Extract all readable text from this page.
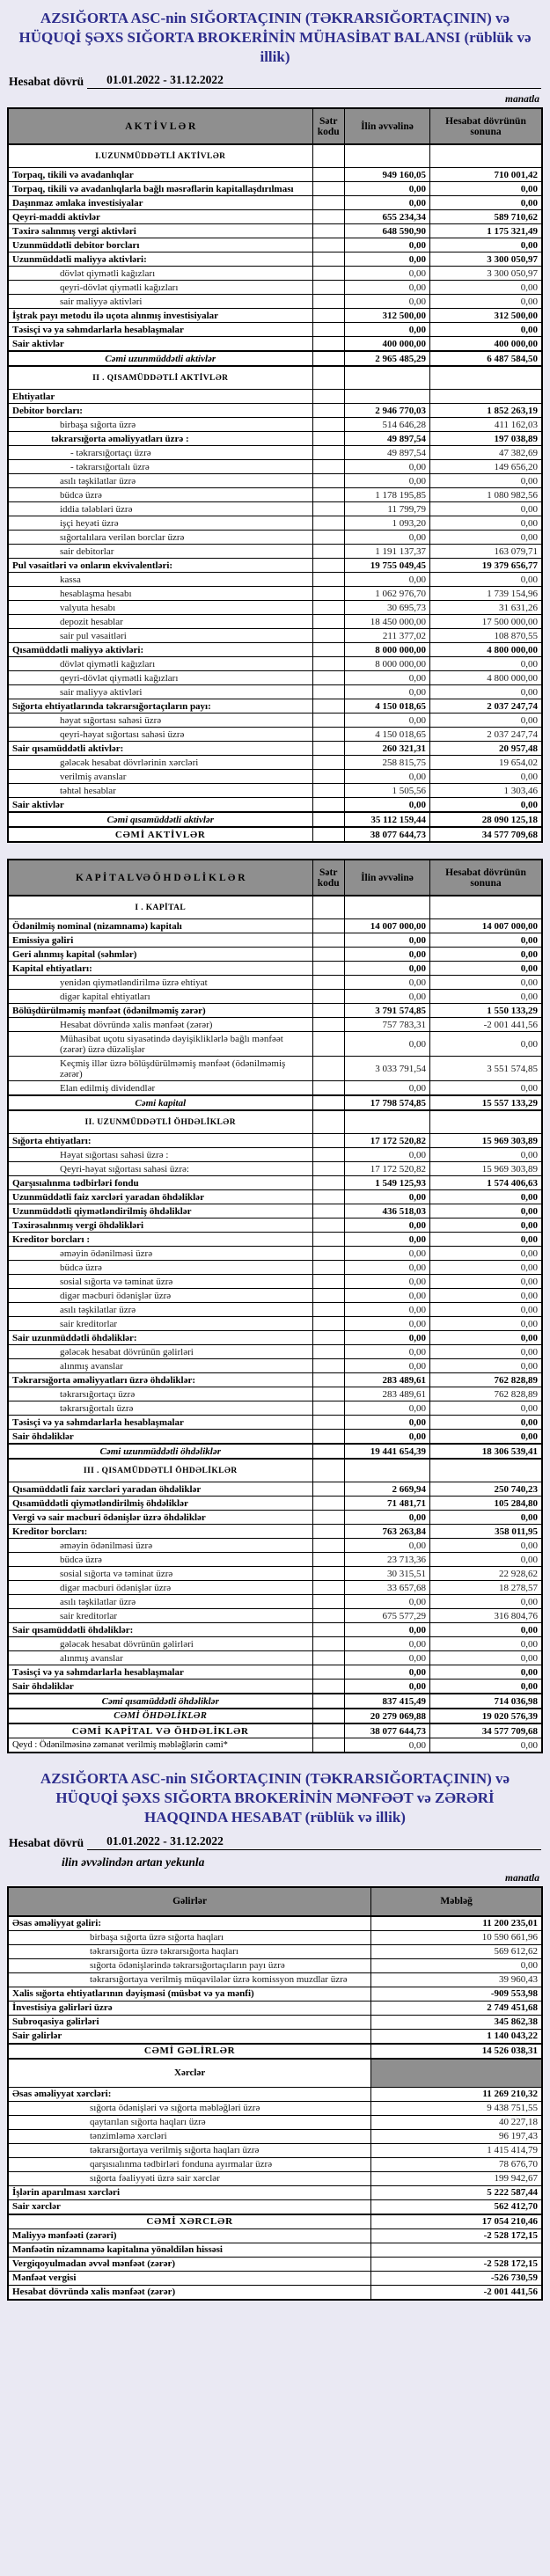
AZSIĞORTA ASC-nin SIĞORTAÇININ (TƏKRARSIĞORTAÇININ) və HÜQUQİ ŞƏXS SIĞORTA BROKERİNİN MÜHASİBAT BALANSI (rüblük və illik)
Hesabat dövrü 01.01.2022 - 31.12.2022
manatla
A K T İ V L Ə R	Sətr kodu	İlin əvvəlinə	Hesabat dövrünün sonuna
I.UZUNMÜDDƏTLİ AKTİVLƏR			
Torpaq, tikili və avadanlıqlar		949 160,05	710 001,42
Torpaq, tikili və avadanlıqlarla bağlı məsrəflərin kapitallaşdırılması		0,00	0,00
Daşınmaz əmlaka investisiyalar		0,00	0,00
Qeyri-maddi aktivlər		655 234,34	589 710,62
Təxirə salınmış vergi aktivləri		648 590,90	1 175 321,49
Uzunmüddətli debitor borcları		0,00	0,00
Uzunmüddətli maliyyə aktivləri:		0,00	3 300 050,97
dövlət qiymətli kağızları		0,00	3 300 050,97
qeyri-dövlət qiymətli kağızları		0,00	0,00
sair maliyyə aktivləri		0,00	0,00
İştrak payı metodu ilə uçota alınmış investisiyalar		312 500,00	312 500,00
Təsisçi və ya səhmdarlarla hesablaşmalar		0,00	0,00
Sair aktivlər		400 000,00	400 000,00
Cəmi uzunmüddətli aktivlər		2 965 485,29	6 487 584,50
II . QISAMÜDDƏTLİ AKTİVLƏR			
Ehtiyatlar			
Debitor borcları:		2 946 770,03	1 852 263,19
birbaşa sığorta üzrə		514 646,28	411 162,03
təkrarsığorta əməliyyatları üzrə :		49 897,54	197 038,89
- təkrarsığortaçı üzrə		49 897,54	47 382,69
- təkrarsığortalı üzrə		0,00	149 656,20
asılı təşkilatlar üzrə		0,00	0,00
büdcə üzrə		1 178 195,85	1 080 982,56
iddia tələbləri üzrə		11 799,79	0,00
işçi heyəti üzrə		1 093,20	0,00
sığortalılara verilən borclar üzrə		0,00	0,00
sair debitorlar		1 191 137,37	163 079,71
Pul vəsaitləri və onların ekvivalentləri:		19 755 049,45	19 379 656,77
kassa		0,00	0,00
hesablaşma hesabı		1 062 976,70	1 739 154,96
valyuta hesabı		30 695,73	31 631,26
depozit hesablar		18 450 000,00	17 500 000,00
sair pul vəsaitləri		211 377,02	108 870,55
Qısamüddətli maliyyə aktivləri:		8 000 000,00	4 800 000,00
dövlət qiymətli kağızları		8 000 000,00	0,00
qeyri-dövlət qiymətli kağızları		0,00	4 800 000,00
sair maliyyə aktivləri		0,00	0,00
Sığorta ehtiyatlarında təkrarsığortaçıların payı:		4 150 018,65	2 037 247,74
həyat sığortası sahəsi üzrə		0,00	0,00
qeyri-həyat sığortası sahəsi üzrə		4 150 018,65	2 037 247,74
Sair qısamüddətli aktivlər:		260 321,31	20 957,48
gələcək hesabat dövrlərinin xərcləri		258 815,75	19 654,02
verilmiş avanslar		0,00	0,00
təhtəl hesablar		1 505,56	1 303,46
Sair aktivlər		0,00	0,00
Cəmi qısamüddətli aktivlər		35 112 159,44	28 090 125,18
CƏMİ AKTİVLƏR		38 077 644,73	34 577 709,68
K A P İ T A L VƏ Ö H D Ə L İ K L Ə R	Sətr kodu	İlin əvvəlinə	Hesabat dövrünün sonuna
I . KAPİTAL			
Ödənilmiş nominal (nizamnamə) kapitalı		14 007 000,00	14 007 000,00
Emissiya gəliri		0,00	0,00
Geri alınmış kapital (səhmlər)		0,00	0,00
Kapital ehtiyatları:		0,00	0,00
yenidən qiymətləndirilmə üzrə ehtiyat		0,00	0,00
digər kapital ehtiyatları		0,00	0,00
Bölüşdürülməmiş mənfəət (ödənilməmiş zərər)		3 791 574,85	1 550 133,29
Hesabat dövründə xalis mənfəət (zərər)		757 783,31	-2 001 441,56
Mühasibat uçotu siyasətində dəyişikliklərlə bağlı mənfəət (zərər) üzrə düzəlişlər		0,00	0,00
Keçmiş illər üzrə bölüşdürülməmiş mənfəət (ödənilməmiş zərər)		3 033 791,54	3 551 574,85
Elan edilmiş dividendlər		0,00	0,00
Cəmi kapital		17 798 574,85	15 557 133,29
II. UZUNMÜDDƏTLİ ÖHDƏLİKLƏR			
Sığorta ehtiyatları:		17 172 520,82	15 969 303,89
Həyat sığortası sahəsi üzrə :		0,00	0,00
Qeyri-həyat sığortası sahəsi üzrə:		17 172 520,82	15 969 303,89
Qarşısıalınma tədbirləri fondu		1 549 125,93	1 574 406,63
Uzunmüddətli faiz xərcləri yaradan öhdəliklər		0,00	0,00
Uzunmüddətli qiymətləndirilmiş öhdəliklər		436 518,03	0,00
Təxirəsalınmış vergi öhdəlikləri		0,00	0,00
Kreditor borcları :		0,00	0,00
əməyin ödənilməsi üzrə		0,00	0,00
büdcə üzrə		0,00	0,00
sosial sığorta və təminat üzrə		0,00	0,00
digər məcburi ödənişlər üzrə		0,00	0,00
asılı təşkilatlar üzrə		0,00	0,00
sair kreditorlar		0,00	0,00
Sair uzunmüddətli öhdəliklər:		0,00	0,00
gələcək hesabat dövrünün gəlirləri		0,00	0,00
alınmış avanslar		0,00	0,00
Təkrarsığorta əməliyyatları üzrə öhdəliklər:		283 489,61	762 828,89
təkrarsığortaçı üzrə		283 489,61	762 828,89
təkrarsığortalı üzrə		0,00	0,00
Təsisçi və ya səhmdarlarla hesablaşmalar		0,00	0,00
Sair öhdəliklər		0,00	0,00
Cəmi uzunmüddətli öhdəliklər		19 441 654,39	18 306 539,41
III . QISAMÜDDƏTLİ ÖHDƏLİKLƏR			
Qısamüddətli faiz xərcləri yaradan öhdəliklər		2 669,94	250 740,23
Qısamüddətli qiymətləndirilmiş öhdəliklər		71 481,71	105 284,80
Vergi və sair məcburi ödənişlər üzrə öhdəliklər		0,00	0,00
Kreditor borcları:		763 263,84	358 011,95
əməyin ödənilməsi üzrə		0,00	0,00
büdcə üzrə		23 713,36	0,00
sosial sığorta və təminat üzrə		30 315,51	22 928,62
digər məcburi ödənişlər üzrə		33 657,68	18 278,57
asılı təşkilatlar üzrə		0,00	0,00
sair kreditorlar		675 577,29	316 804,76
Sair qısamüddətli öhdəliklər:		0,00	0,00
gələcək hesabat dövrünün gəlirləri		0,00	0,00
alınmış avanslar		0,00	0,00
Təsisçi və ya səhmdarlarla hesablaşmalar		0,00	0,00
Sair öhdəliklər		0,00	0,00
Cəmi qısamüddətli öhdəliklər		837 415,49	714 036,98
CƏMİ ÖHDƏLİKLƏR		20 279 069,88	19 020 576,39
CƏMİ KAPİTAL VƏ ÖHDƏLİKLƏR		38 077 644,73	34 577 709,68
Qeyd : Ödənilməsinə zəmanət verilmiş məbləğlərin cəmi*		0,00	0,00
AZSIĞORTA ASC-nin SIĞORTAÇININ (TƏKRARSIĞORTAÇININ) və HÜQUQİ ŞƏXS SIĞORTA BROKERİNİN MƏNFƏƏT və ZƏRƏRİ HAQQINDA HESABAT (rüblük və illik)
Hesabat dövrü 01.01.2022 - 31.12.2022
ilin əvvəlindən artan yekunla
manatla
Gəlirlər	Məbləğ
Əsas əməliyyat gəliri:	11 200 235,01
birbaşa sığorta üzrə sığorta haqları	10 590 661,96
təkrarsığorta üzrə təkrarsığorta haqları	569 612,62
sığorta ödənişlərində təkrarsığortaçıların payı üzrə	0,00
təkrarsığortaya verilmiş müqavilələr üzrə komissyon muzdlar üzrə	39 960,43
Xalis sığorta ehtiyatlarının dəyişməsi (müsbət və ya mənfi)	-909 553,98
İnvestisiya gəlirləri üzrə	2 749 451,68
Subroqasiya gəlirləri	345 862,38
Sair gəlirlər	1 140 043,22
CƏMİ GƏLİRLƏR	14 526 038,31
Xərclər	
Əsas əməliyyat xərcləri:	11 269 210,32
sığorta ödənişləri və sığorta məbləğləri üzrə	9 438 751,55
qaytarılan sığorta haqları üzrə	40 227,18
tənzimləmə xərcləri	96 197,43
təkrarsığortaya verilmiş sığorta haqları üzrə	1 415 414,79
qarşısıalınma tədbirləri fonduna ayırmalar üzrə	78 676,70
sığorta fəaliyyəti üzrə sair xərclər	199 942,67
İşlərin aparılması xərcləri	5 222 587,44
Sair xərclər	562 412,70
CƏMİ XƏRCLƏR	17 054 210,46
Maliyyə mənfəəti (zərəri)	-2 528 172,15
Mənfəətin nizamnamə kapitalına yönəldilən hissəsi	
Vergiqoyulmadan əvvəl mənfəət (zərər)	-2 528 172,15
Mənfəət vergisi	-526 730,59
Hesabat dövründə xalis mənfəət (zərər)	-2 001 441,56
